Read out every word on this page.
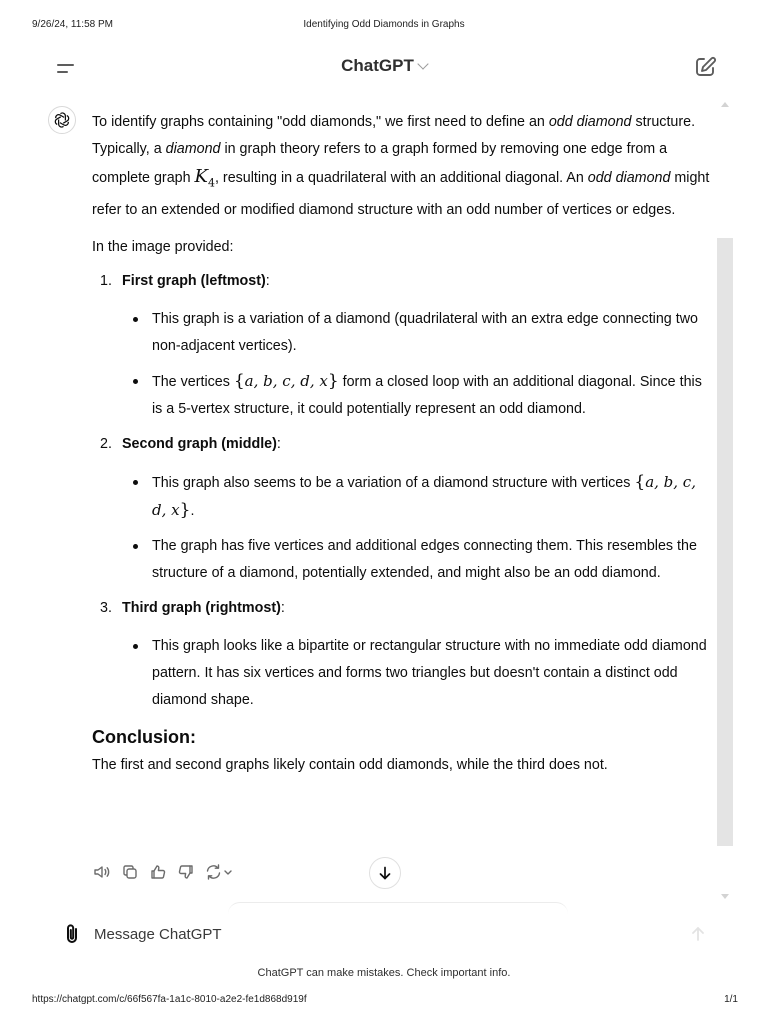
9/26/24, 11:58 PM	Identifying Odd Diamonds in Graphs
ChatGPT

To identify graphs containing "odd diamonds," we first need to define an odd diamond structure. Typically, a diamond in graph theory refers to a graph formed by removing one edge from a complete graph $K_4$, resulting in a quadrilateral with an additional diagonal. An odd diamond might refer to an extended or modified diamond structure with an odd number of vertices or edges.

In the image provided:

1. First graph (leftmost):
This graph is a variation of a diamond (quadrilateral with an extra edge connecting two non-adjacent vertices).
The vertices {a, b, c, d, x} form a closed loop with an additional diagonal. Since this is a 5-vertex structure, it could potentially represent an odd diamond.
2. Second graph (middle):
This graph also seems to be a variation of a diamond structure with vertices {a, b, c, d, x}.
The graph has five vertices and additional edges connecting them. This resembles the structure of a diamond, potentially extended, and might also be an odd diamond.
3. Third graph (rightmost):
This graph looks like a bipartite or rectangular structure with no immediate odd diamond pattern. It has six vertices and forms two triangles but doesn't contain a distinct odd diamond shape.
Conclusion:

The first and second graphs likely contain odd diamonds, while the third does not.

Message ChatGPT
ChatGPT can make mistakes. Check important info.
https://chatgpt.com/c/66f567fa-1a1c-8010-a2e2-fe1d868d919f	1/1
